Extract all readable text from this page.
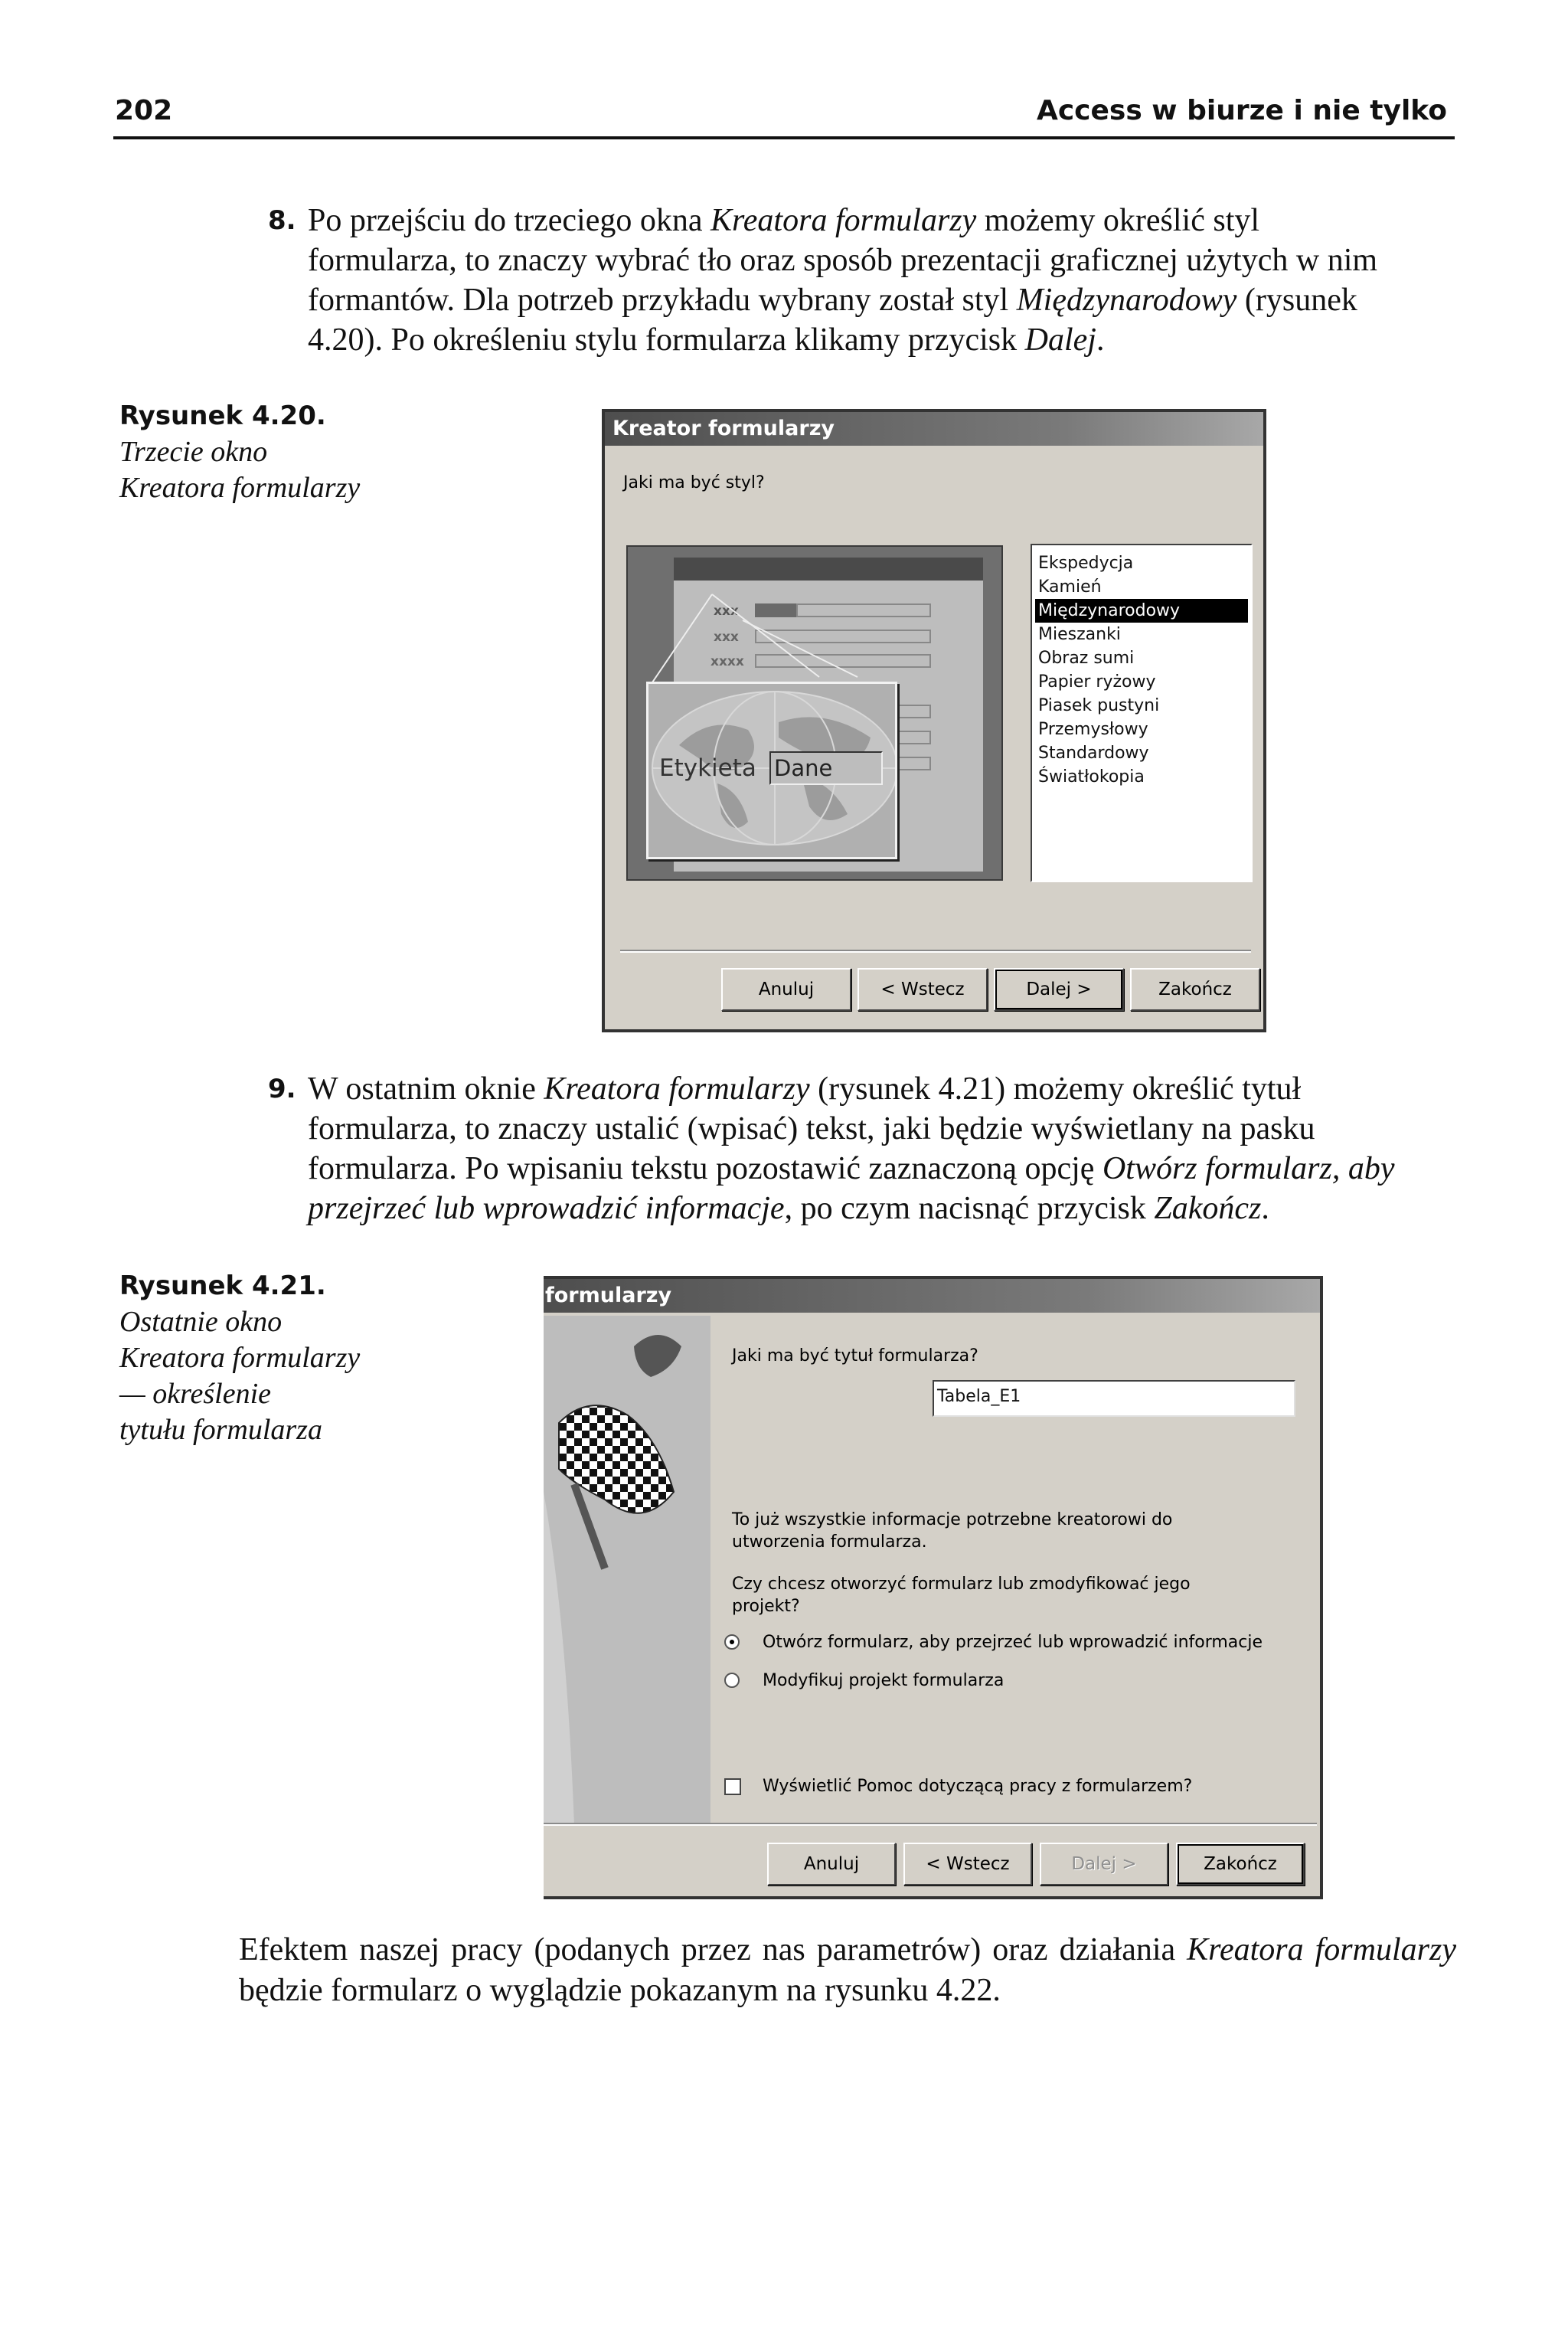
202	Access w biurze i nie tylko
8. Po przejściu do trzeciego okna Kreatora formularzy możemy określić styl formularza, to znaczy wybrać tło oraz sposób prezentacji graficznej użytych w nim formantów. Dla potrzeb przykładu wybrany został styl Międzynarodowy (rysunek 4.20). Po określeniu stylu formularza klikamy przycisk Dalej.

Rysunek 4.20.
Trzecie okno
Kreatora formularzy
Kreator formularzy
Jaki ma być styl?
xxx
xxx
xxxx
Etykieta Dane
Ekspedycja
Kamień
Międzynarodowy
Mieszanki
Obraz sumi
Papier ryżowy
Piasek pustyni
Przemysłowy
Standardowy
Światłokopia
Anuluj	< Wstecz	Dalej >	Zakończ
9. W ostatnim oknie Kreatora formularzy (rysunek 4.21) możemy określić tytuł formularza, to znaczy ustalić (wpisać) tekst, jaki będzie wyświetlany na pasku formularza. Po wpisaniu tekstu pozostawić zaznaczoną opcję Otwórz formularz, aby przejrzeć lub wprowadzić informacje, po czym nacisnąć przycisk Zakończ.

Rysunek 4.21.
Ostatnie okno
Kreatora formularzy
— określenie
tytułu formularza
formularzy
Jaki ma być tytuł formularza?
Tabela_E1
To już wszystkie informacje potrzebne kreatorowi do utworzenia formularza.
Czy chcesz otworzyć formularz lub zmodyfikować jego projekt?
Otwórz formularz, aby przejrzeć lub wprowadzić informacje
Modyfikuj projekt formularza
Wyświetlić Pomoc dotyczącą pracy z formularzem?
Anuluj	< Wstecz	Dalej >	Zakończ
Efektem naszej pracy (podanych przez nas parametrów) oraz działania Kreatora formularzy będzie formularz o wyglądzie pokazanym na rysunku 4.22.
